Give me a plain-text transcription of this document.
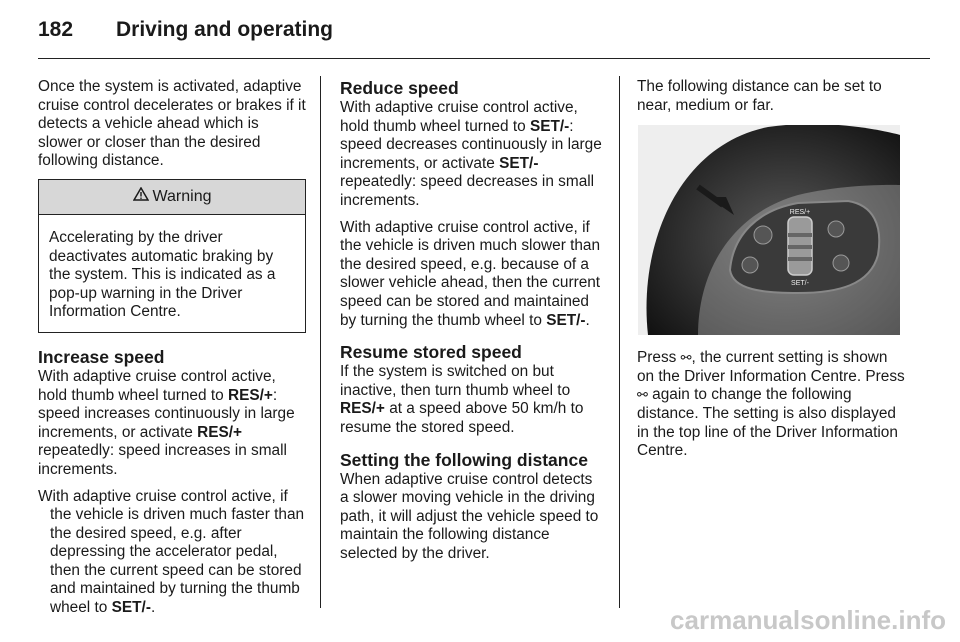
182 Driving and operating

Once the system is activated, adaptive cruise control decelerates or brakes if it detects a vehicle ahead which is slower or closer than the desired following distance.

Warning
Accelerating by the driver deactivates automatic braking by the system. This is indicated as a pop-up warning in the Driver Information Centre.
Increase speed

With adaptive cruise control active, hold thumb wheel turned to RES/+: speed increases continuously in large increments, or activate RES/+ repeatedly: speed increases in small increments.

With adaptive cruise control active, if the vehicle is driven much faster than the desired speed, e.g. after depressing the accelerator pedal, then the current speed can be stored and maintained by turning the thumb wheel to SET/-.

Reduce speed

With adaptive cruise control active, hold thumb wheel turned to SET/-: speed decreases continuously in large increments, or activate SET/- repeatedly: speed decreases in small increments.

With adaptive cruise control active, if the vehicle is driven much slower than the desired speed, e.g. because of a slower vehicle ahead, then the current speed can be stored and maintained by turning the thumb wheel to SET/-.

Resume stored speed

If the system is switched on but inactive, then turn thumb wheel to RES/+ at a speed above 50 km/h to resume the stored speed.

Setting the following distance

When adaptive cruise control detects a slower moving vehicle in the driving path, it will adjust the vehicle speed to maintain the following distance selected by the driver.

The following distance can be set to near, medium or far.

RES/+
SET/-

Press ⚯, the current setting is shown on the Driver Information Centre. Press ⚯ again to change the following distance. The setting is also displayed in the top line of the Driver Information Centre.

carmanualsonline.info
